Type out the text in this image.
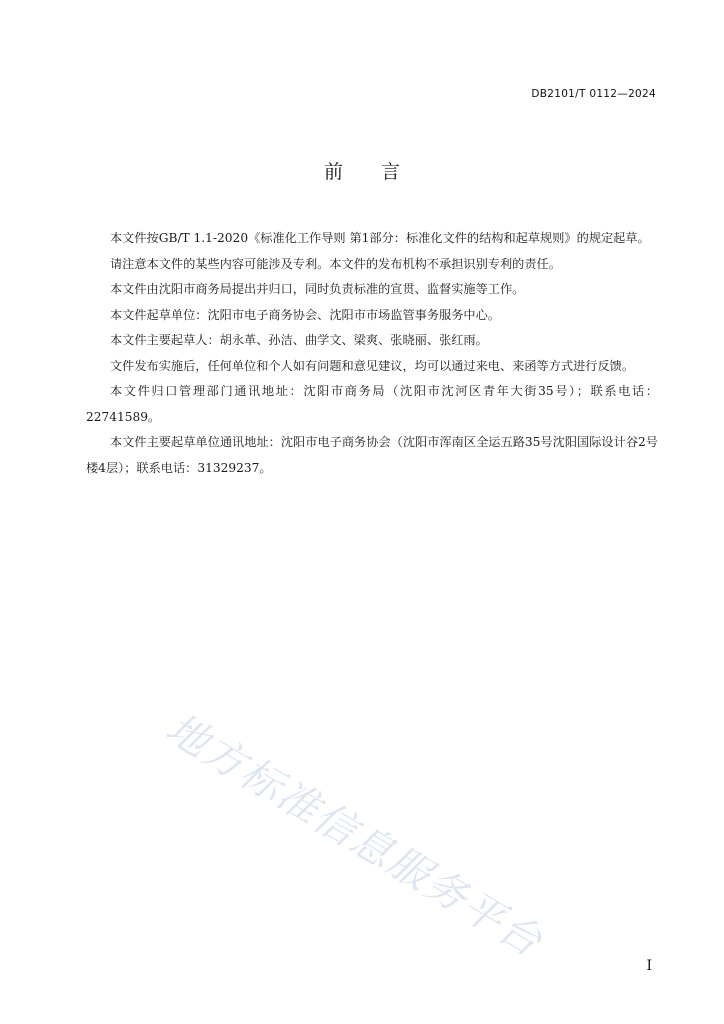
DB2101/T 0112—2024
前　　言

本文件按GB/T 1.1-2020《标准化工作导则 第1部分：标准化文件的结构和起草规则》的规定起草。

请注意本文件的某些内容可能涉及专利。本文件的发布机构不承担识别专利的责任。

本文件由沈阳市商务局提出并归口，同时负责标准的宣贯、监督实施等工作。

本文件起草单位：沈阳市电子商务协会、沈阳市市场监管事务服务中心。

本文件主要起草人：胡永革、孙洁、曲学文、梁爽、张晓丽、张红雨。

文件发布实施后，任何单位和个人如有问题和意见建议，均可以通过来电、来函等方式进行反馈。

本文件归口管理部门通讯地址：沈阳市商务局（沈阳市沈河区青年大街35号）；联系电话：22741589。

本文件主要起草单位通讯地址：沈阳市电子商务协会（沈阳市浑南区全运五路35号沈阳国际设计谷2号楼4层）；联系电话：31329237。

地方标准信息服务平台	I
